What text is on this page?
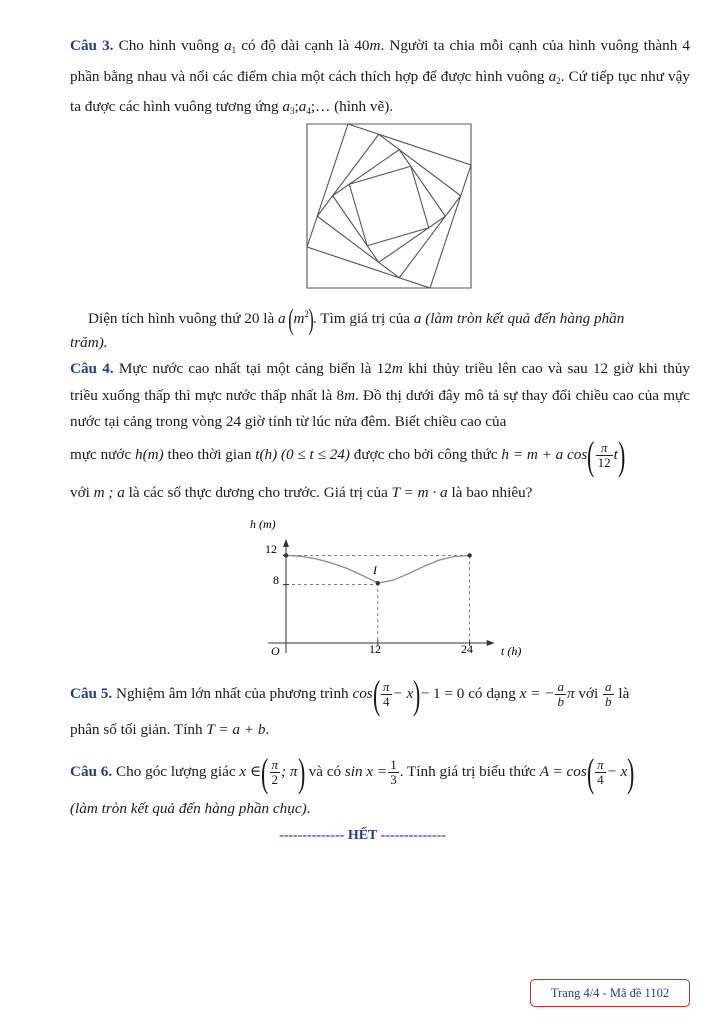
Câu 3. Cho hình vuông $a_1$ có độ dài cạnh là 40m. Người ta chia mỗi cạnh của hình vuông thành 4 phần bằng nhau và nối các điểm chia một cách thích hợp để được hình vuông $a_2$. Cứ tiếp tục như vậy ta được các hình vuông tương ứng $a_3;a_4;\dots$ (hình vẽ).
Diện tích hình vuông thứ 20 là a $(m^2)$. Tìm giá trị của a (làm tròn kết quả đến hàng phần
trăm).
Câu 4. Mực nước cao nhất tại một cảng biển là 12m khi thủy triều lên cao và sau 12 giờ khi thủy triều xuống thấp thì mực nước thấp nhất là 8m. Đồ thị dưới đây mô tả sự thay đổi chiều cao của mực nước tại cảng trong vòng 24 giờ tính từ lúc nửa đêm. Biết chiều cao của
mực nước h(m) theo thời gian t(h) (0 ≤ t ≤ 24) được cho bởi công thức h = m + a $\cos( \frac{\pi}{12} t)$
với m ; a là các số thực dương cho trước. Giá trị của T = m · a là bao nhiêu?
h (m)
t (h)
12
8
O	12	24
I
Câu 5. Nghiệm âm lớn nhất của phương trình $\cos( \frac{\pi}{4} - x)- 1 = 0$ có dạng x = − $\frac{a}{b}$ π với $\frac{a}{b}$ là
phân số tối giản. Tính T = a + b.
Câu 6. Cho góc lượng giác x ∈( $\frac{\pi}{2}$ ; π) và có $\sin x = \frac{1}{3}$ . Tính giá trị biểu thức $A = \cos( \frac{\pi}{4} - x)$
(làm tròn kết quả đến hàng phần chục).
-------------- HẾT --------------
Trang 4/4 - Mã đề 1102
